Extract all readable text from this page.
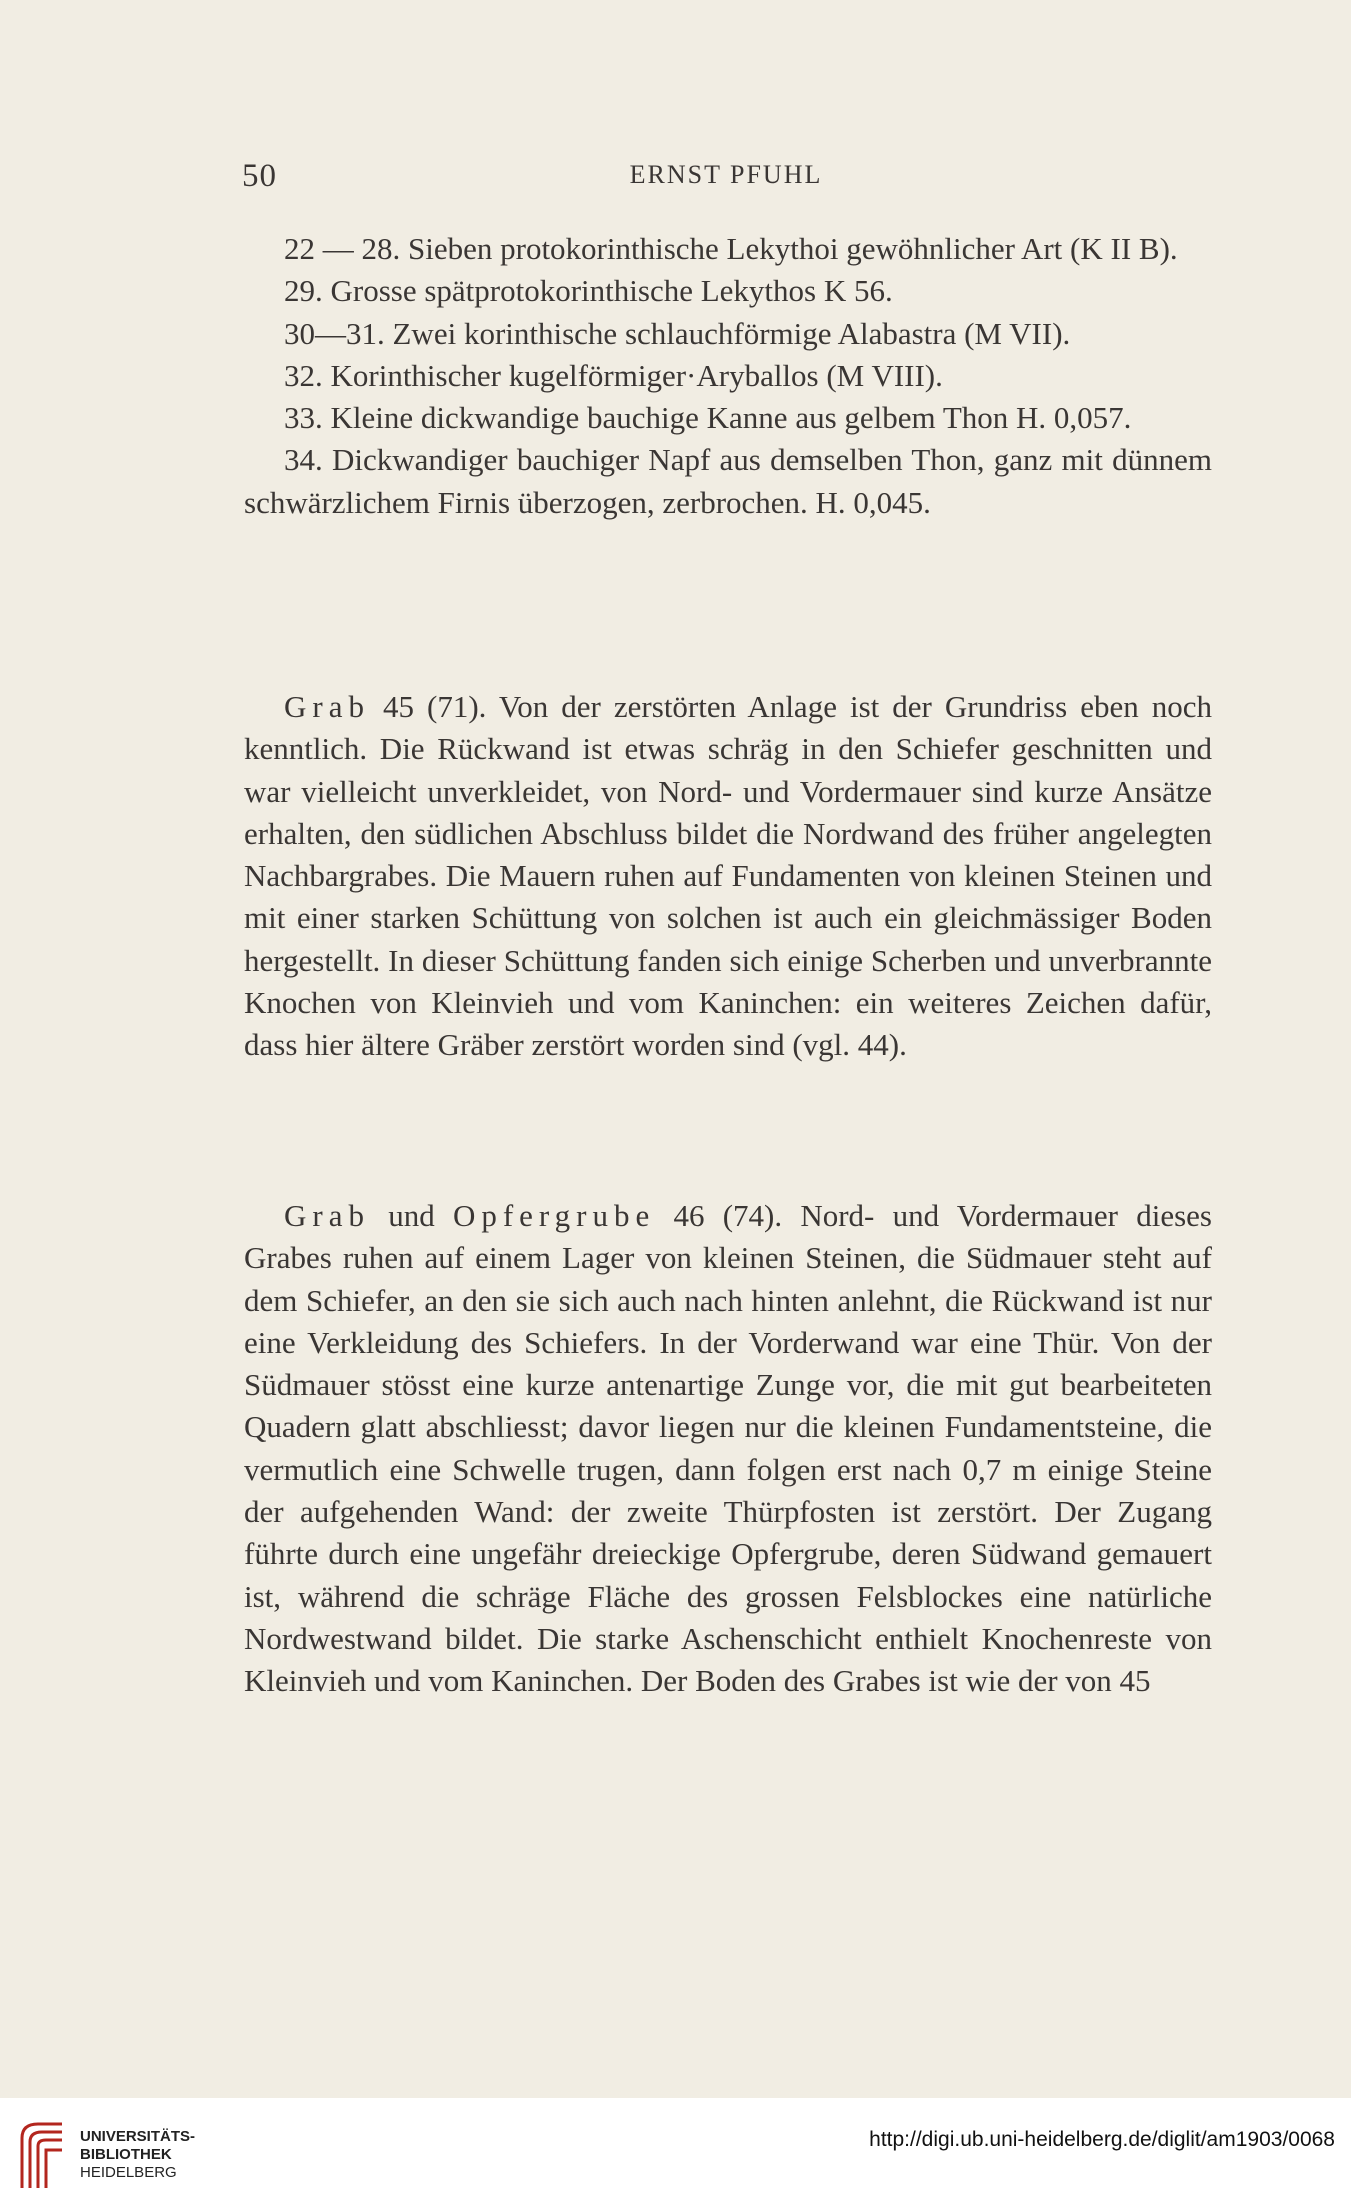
50	ERNST PFUHL

22 — 28. Sieben protokorinthische Lekythoi gewöhnlicher Art (K II B).

29. Grosse spätprotokorinthische Lekythos K 56.

30—31. Zwei korinthische schlauchförmige Alabastra (M VII).

32. Korinthischer kugelförmiger·Aryballos (M VIII).

33. Kleine dickwandige bauchige Kanne aus gelbem Thon H. 0,057.

34. Dickwandiger bauchiger Napf aus demselben Thon, ganz mit dünnem schwärzlichem Firnis überzogen, zerbrochen. H. 0,045.

Grab 45 (71). Von der zerstörten Anlage ist der Grundriss eben noch kenntlich. Die Rückwand ist etwas schräg in den Schiefer geschnitten und war vielleicht unverkleidet, von Nord- und Vordermauer sind kurze Ansätze erhalten, den südlichen Abschluss bildet die Nordwand des früher angelegten Nachbargrabes. Die Mauern ruhen auf Fundamenten von kleinen Steinen und mit einer starken Schüttung von solchen ist auch ein gleichmässiger Boden hergestellt. In dieser Schüttung fanden sich einige Scherben und unverbrannte Knochen von Kleinvieh und vom Kaninchen: ein weiteres Zeichen dafür, dass hier ältere Gräber zerstört worden sind (vgl. 44).

Grab und Opfergrube 46 (74). Nord- und Vordermauer dieses Grabes ruhen auf einem Lager von kleinen Steinen, die Südmauer steht auf dem Schiefer, an den sie sich auch nach hinten anlehnt, die Rückwand ist nur eine Verkleidung des Schiefers. In der Vorderwand war eine Thür. Von der Südmauer stösst eine kurze antenartige Zunge vor, die mit gut bearbeiteten Quadern glatt abschliesst; davor liegen nur die kleinen Fundamentsteine, die vermutlich eine Schwelle trugen, dann folgen erst nach 0,7 m einige Steine der aufgehenden Wand: der zweite Thürpfosten ist zerstört. Der Zugang führte durch eine ungefähr dreieckige Opfergrube, deren Südwand gemauert ist, während die schräge Fläche des grossen Felsblockes eine natürliche Nordwestwand bildet. Die starke Aschenschicht enthielt Knochenreste von Kleinvieh und vom Kaninchen. Der Boden des Grabes ist wie der von 45

UNIVERSITÄTS-
BIBLIOTHEK
HEIDELBERG
http://digi.ub.uni-heidelberg.de/diglit/am1903/0068
